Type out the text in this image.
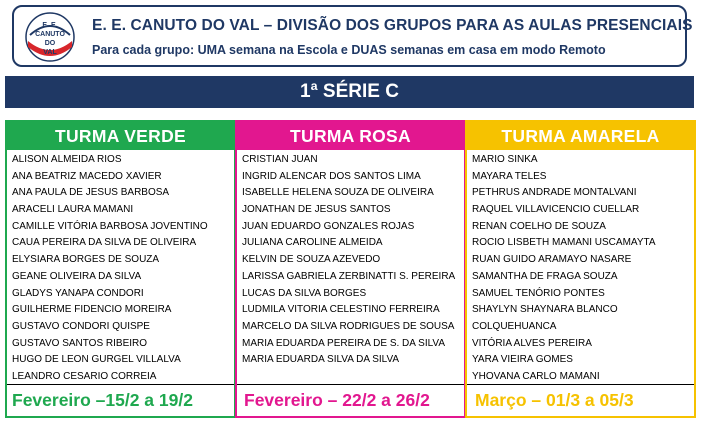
E. E.
CANUTO
DO
VAL
E. E. CANUTO DO VAL – DIVISÃO DOS GRUPOS PARA AS AULAS PRESENCIAIS
Para cada grupo: UMA semana na Escola e DUAS semanas em casa em modo Remoto
1ª SÉRIE C
TURMA VERDE
ALISON ALMEIDA RIOS
ANA BEATRIZ MACEDO XAVIER
ANA PAULA DE JESUS BARBOSA
ARACELI LAURA MAMANI
CAMILLE VITÓRIA BARBOSA JOVENTINO
CAUA PEREIRA DA SILVA DE OLIVEIRA
ELYSIARA BORGES DE SOUZA
GEANE OLIVEIRA DA SILVA
GLADYS YANAPA CONDORI
GUILHERME FIDENCIO MOREIRA
GUSTAVO CONDORI QUISPE
GUSTAVO SANTOS RIBEIRO
HUGO DE LEON GURGEL VILLALVA
LEANDRO CESARIO CORREIA
Fevereiro –15/2 a 19/2
TURMA ROSA
CRISTIAN JUAN
INGRID ALENCAR DOS SANTOS LIMA
ISABELLE HELENA SOUZA DE OLIVEIRA
JONATHAN DE JESUS SANTOS
JUAN EDUARDO GONZALES ROJAS
JULIANA CAROLINE ALMEIDA
KELVIN DE SOUZA AZEVEDO
LARISSA GABRIELA ZERBINATTI S. PEREIRA
LUCAS DA SILVA BORGES
LUDMILA VITORIA CELESTINO FERREIRA
MARCELO DA SILVA RODRIGUES DE SOUSA
MARIA EDUARDA PEREIRA DE S. DA SILVA
MARIA EDUARDA SILVA DA SILVA
Fevereiro – 22/2 a 26/2
TURMA AMARELA
MARIO SINKA
MAYARA TELES
PETHRUS ANDRADE MONTALVANI
RAQUEL VILLAVICENCIO CUELLAR
RENAN COELHO DE SOUZA
ROCIO LISBETH MAMANI USCAMAYTA
RUAN GUIDO ARAMAYO NASARE
SAMANTHA DE FRAGA SOUZA
SAMUEL TENÓRIO PONTES
SHAYLYN SHAYNARA BLANCO
COLQUEHUANCA
VITÓRIA ALVES PEREIRA
YARA VIEIRA GOMES
YHOVANA CARLO MAMANI
Março – 01/3 a 05/3
